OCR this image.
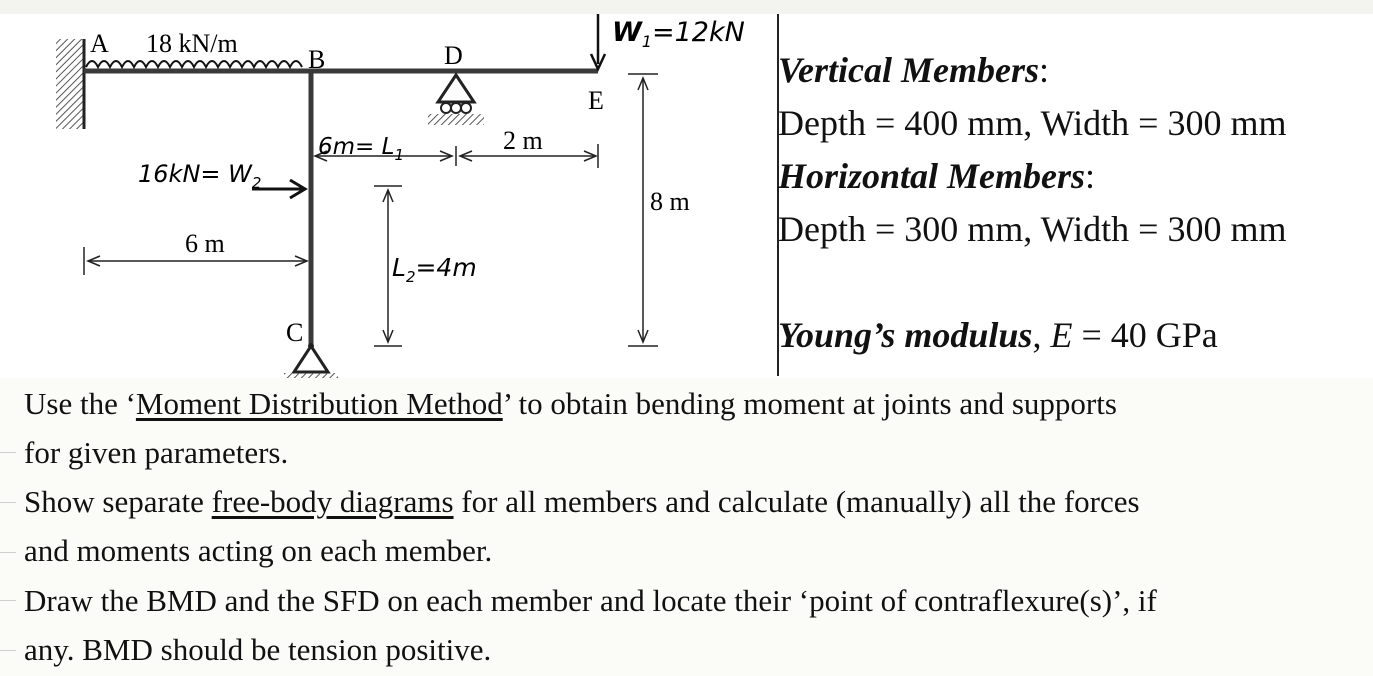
A 18 kN/m
B	D
E
C
2 m
8 m
6 m
$W_1=12kN$
$16kN= W_2$
$6m= L_1$
$L_2=4m$
Vertical Members:
Depth = 400 mm, Width = 300 mm
Horizontal Members:
Depth = 300 mm, Width = 300 mm
Young’s modulus, E = 40 GPa
Use the ‘Moment Distribution Method’ to obtain bending moment at joints and supports
for given parameters.
Show separate free-body diagrams for all members and calculate (manually) all the forces
and moments acting on each member.
Draw the BMD and the SFD on each member and locate their ‘point of contraflexure(s)’, if
any. BMD should be tension positive.
